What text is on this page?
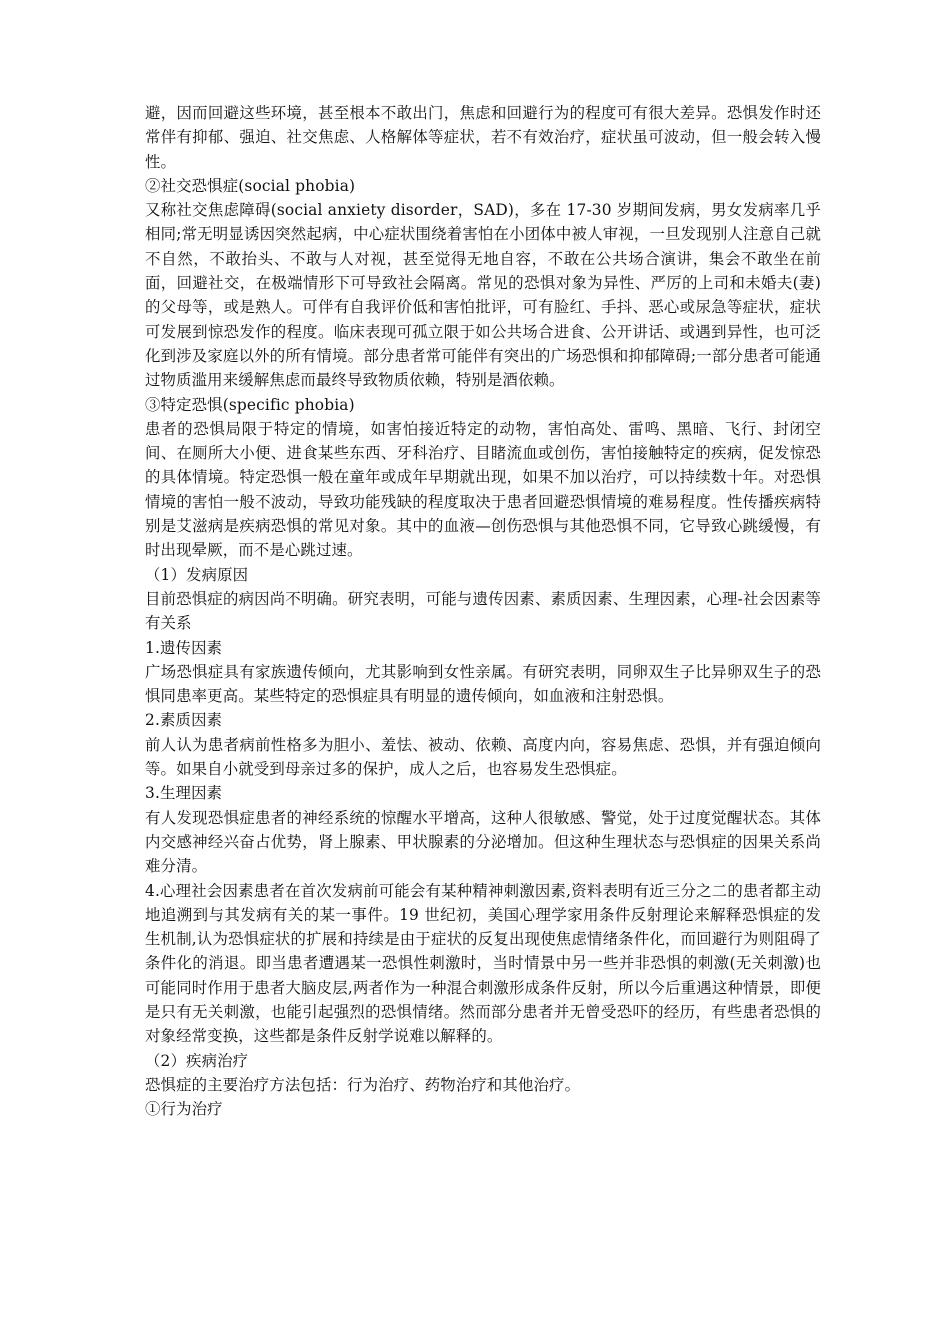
避，因而回避这些环境，甚至根本不敢出门，焦虑和回避行为的程度可有很大差异。恐惧发作时还常伴有抑郁、强迫、社交焦虑、人格解体等症状，若不有效治疗，症状虽可波动，但一般会转入慢性。

②社交恐惧症(social phobia)

又称社交焦虑障碍(social anxiety disorder，SAD)，多在 17-30 岁期间发病，男女发病率几乎相同;常无明显诱因突然起病，中心症状围绕着害怕在小团体中被人审视，一旦发现别人注意自己就不自然，不敢抬头、不敢与人对视，甚至觉得无地自容，不敢在公共场合演讲，集会不敢坐在前面，回避社交，在极端情形下可导致社会隔离。常见的恐惧对象为异性、严厉的上司和未婚夫(妻)的父母等，或是熟人。可伴有自我评价低和害怕批评，可有脸红、手抖、恶心或尿急等症状，症状可发展到惊恐发作的程度。临床表现可孤立限于如公共场合进食、公开讲话、或遇到异性，也可泛化到涉及家庭以外的所有情境。部分患者常可能伴有突出的广场恐惧和抑郁障碍;一部分患者可能通过物质滥用来缓解焦虑而最终导致物质依赖，特别是酒依赖。

③特定恐惧(specific phobia)

患者的恐惧局限于特定的情境，如害怕接近特定的动物，害怕高处、雷鸣、黑暗、飞行、封闭空间、在厕所大小便、进食某些东西、牙科治疗、目睹流血或创伤，害怕接触特定的疾病，促发惊恐的具体情境。特定恐惧一般在童年或成年早期就出现，如果不加以治疗，可以持续数十年。对恐惧情境的害怕一般不波动，导致功能残缺的程度取决于患者回避恐惧情境的难易程度。性传播疾病特别是艾滋病是疾病恐惧的常见对象。其中的血液—创伤恐惧与其他恐惧不同，它导致心跳缓慢，有时出现晕厥，而不是心跳过速。

（1）发病原因

目前恐惧症的病因尚不明确。研究表明，可能与遗传因素、素质因素、生理因素，心理-社会因素等有关系

1.遗传因素

广场恐惧症具有家族遗传倾向，尤其影响到女性亲属。有研究表明，同卵双生子比异卵双生子的恐惧同患率更高。某些特定的恐惧症具有明显的遗传倾向，如血液和注射恐惧。

2.素质因素

前人认为患者病前性格多为胆小、羞怯、被动、依赖、高度内向，容易焦虑、恐惧，并有强迫倾向等。如果自小就受到母亲过多的保护，成人之后，也容易发生恐惧症。

3.生理因素

有人发现恐惧症患者的神经系统的惊醒水平增高，这种人很敏感、警觉，处于过度觉醒状态。其体内交感神经兴奋占优势，肾上腺素、甲状腺素的分泌增加。但这种生理状态与恐惧症的因果关系尚难分清。

4.心理社会因素患者在首次发病前可能会有某种精神刺激因素,资料表明有近三分之二的患者都主动地追溯到与其发病有关的某一事件。19 世纪初，美国心理学家用条件反射理论来解释恐惧症的发生机制,认为恐惧症状的扩展和持续是由于症状的反复出现使焦虑情绪条件化，而回避行为则阻碍了条件化的消退。即当患者遭遇某一恐惧性刺激时，当时情景中另一些并非恐惧的刺激(无关刺激)也可能同时作用于患者大脑皮层,两者作为一种混合刺激形成条件反射，所以今后重遇这种情景，即便是只有无关刺激，也能引起强烈的恐惧情绪。然而部分患者并无曾受恐吓的经历，有些患者恐惧的对象经常变换，这些都是条件反射学说难以解释的。

（2）疾病治疗

恐惧症的主要治疗方法包括：行为治疗、药物治疗和其他治疗。

①行为治疗
